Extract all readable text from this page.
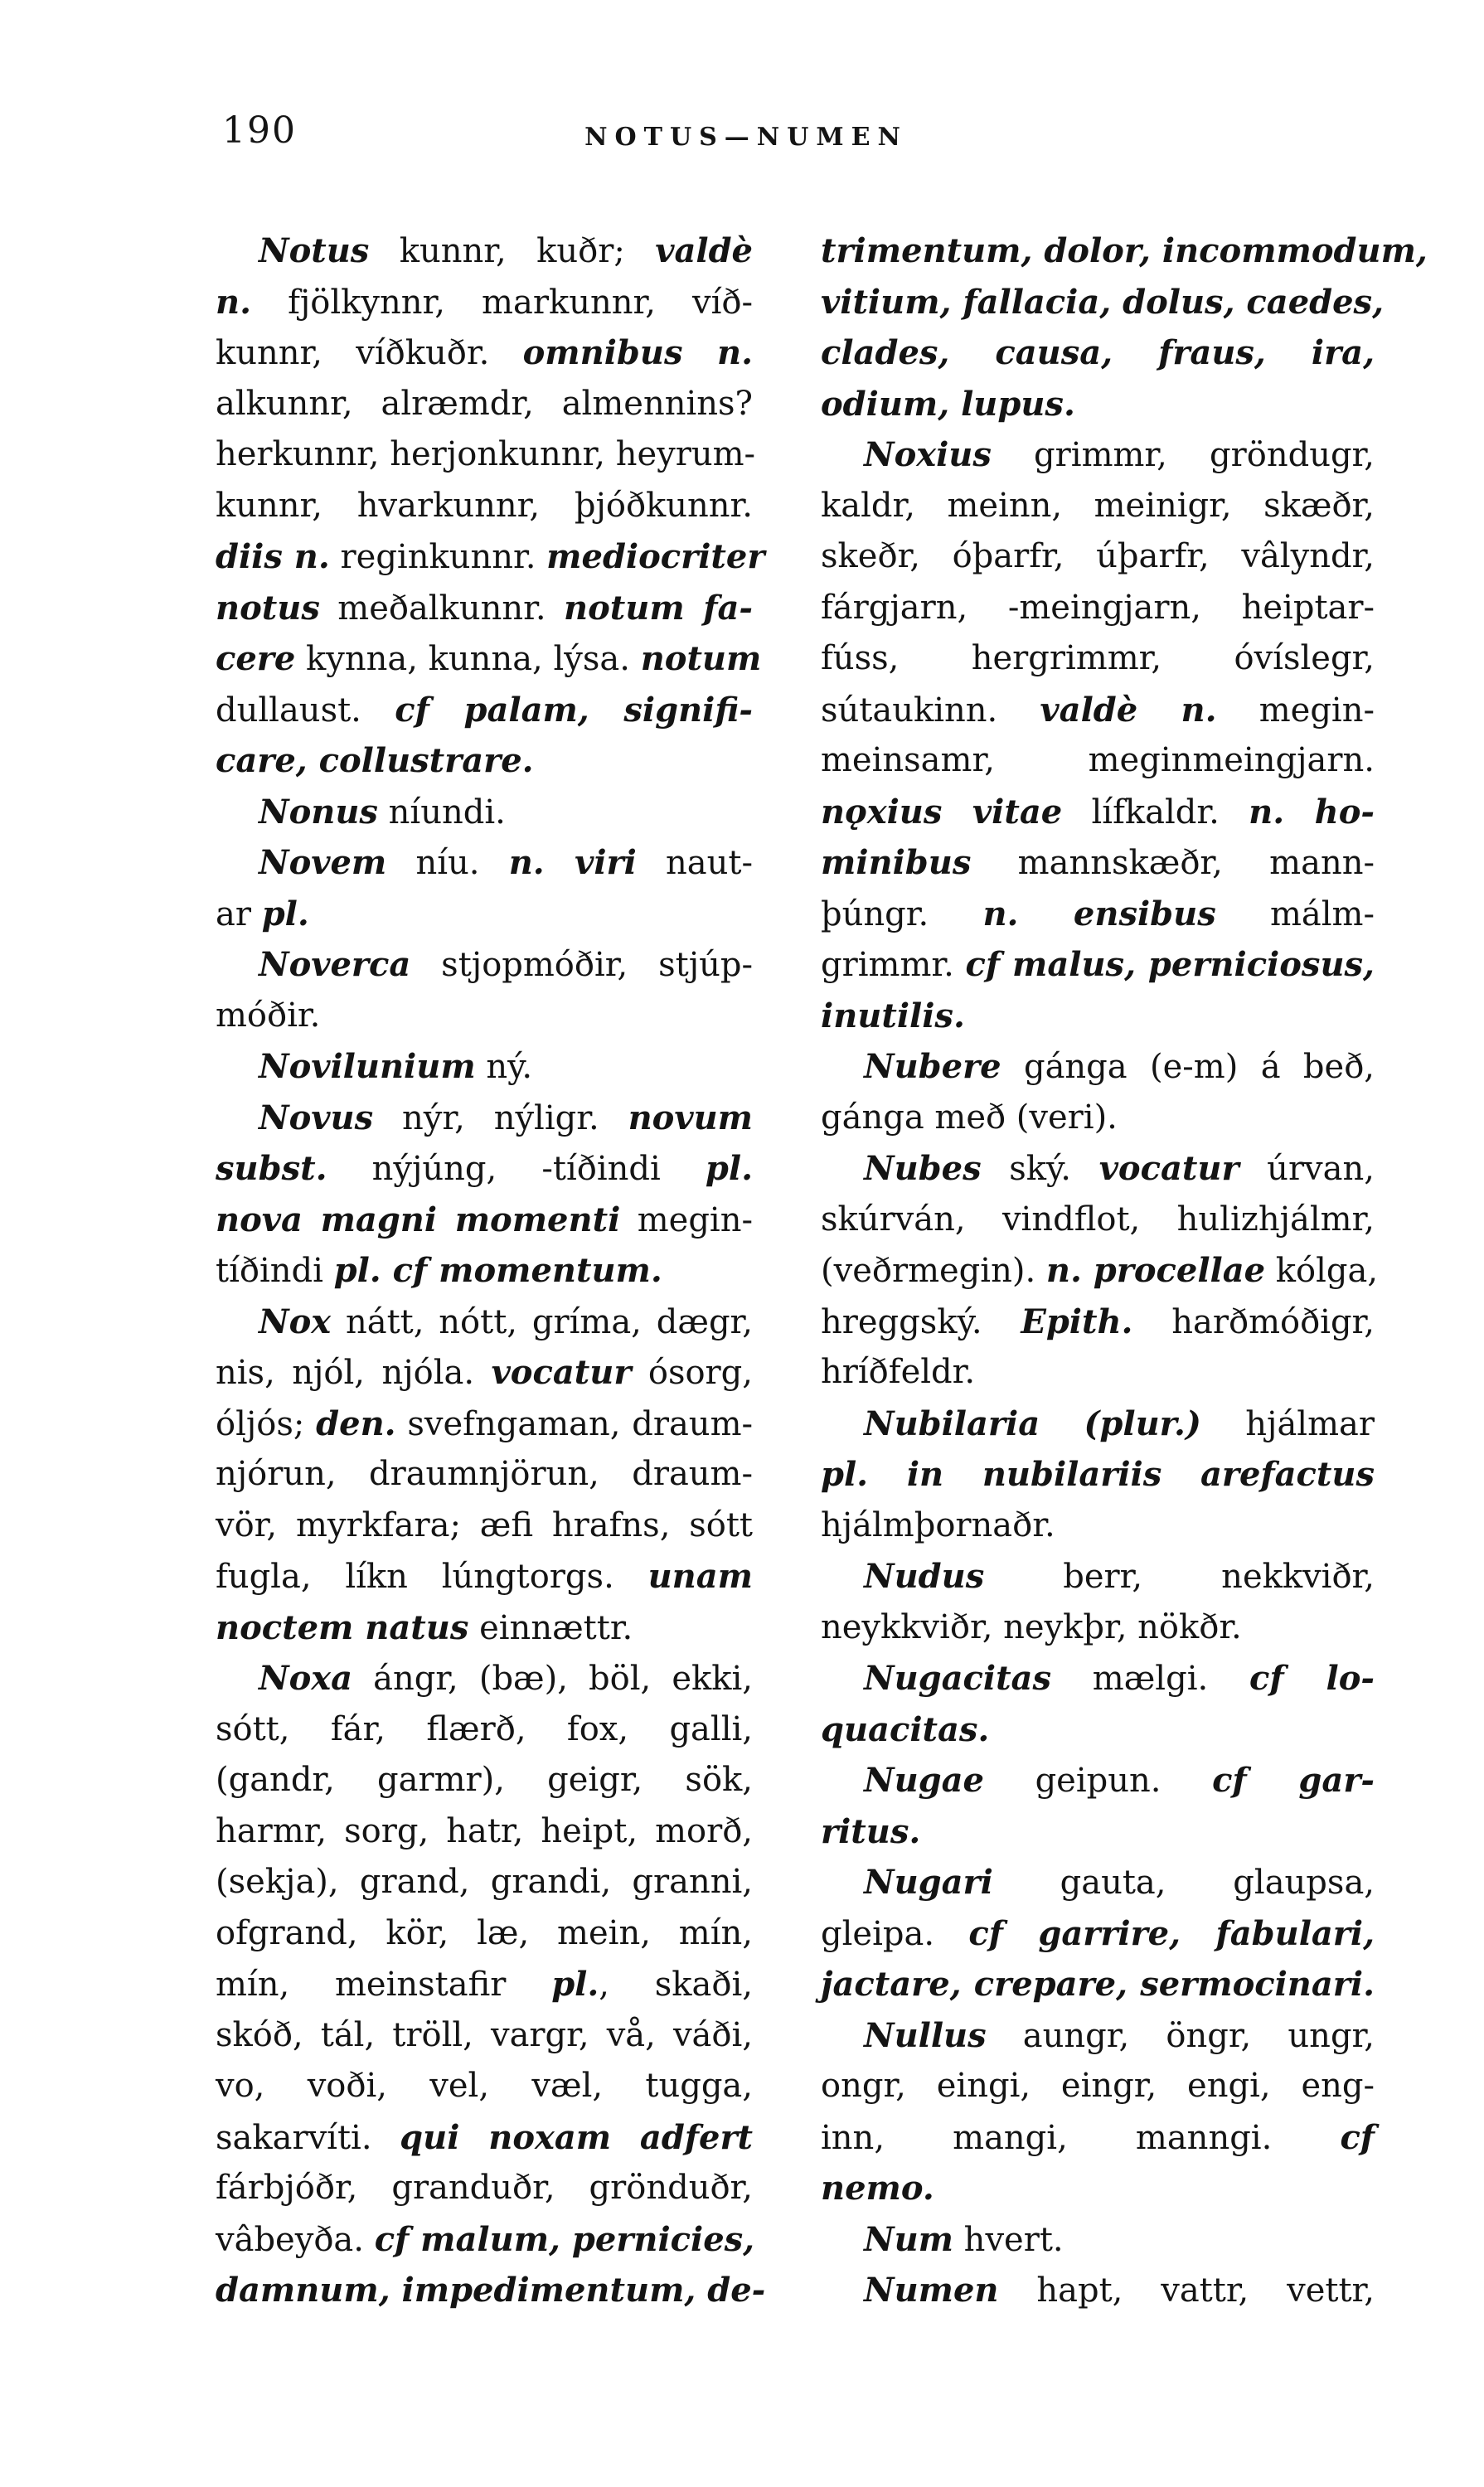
190	NOTUS—NUMEN
Notus kunnr, kuðr; valdè
n. fjölkynnr, markunnr, víð-
kunnr, víðkuðr. omnibus n.
alkunnr, alræmdr, almennins?
herkunnr, herjonkunnr, heyrum-
kunnr, hvarkunnr, þjóðkunnr.
diis n. reginkunnr. mediocriter
notus meðalkunnr. notum fa-
cere kynna, kunna, lýsa. notum
dullaust. cf palam, signifi-
care, collustrare.
Nonus níundi.
Novem níu. n. viri naut-
ar pl.
Noverca stjopmóðir, stjúp-
móðir.
Novilunium ný.
Novus nýr, nýligr. novum
subst. nýjúng, -tíðindi pl.
nova magni momenti megin-
tíðindi pl. cf momentum.
Nox nátt, nótt, gríma, dægr,
nis, njól, njóla. vocatur ósorg,
óljós; den. svefngaman, draum-
njórun, draumnjörun, draum-
vör, myrkfara; æfi hrafns, sótt
fugla, líkn lúngtorgs. unam
noctem natus einnættr.
Noxa ángr, (bæ), böl, ekki,
sótt, fár, flærð, fox, galli,
(gandr, garmr), geigr, sök,
harmr, sorg, hatr, heipt, morð,
(sekja), grand, grandi, granni,
ofgrand, kör, læ, mein, mín,
mín, meinstafir pl., skaði,
skóð, tál, tröll, vargr, vå, váði,
vo, voði, vel, væl, tugga,
sakarvíti. qui noxam adfert
fárbjóðr, granduðr, grönduðr,
vâbeyða. cf malum, pernicies,
damnum, impedimentum, de-
trimentum, dolor, incommodum,
vitium, fallacia, dolus, caedes,
clades, causa, fraus, ira,
odium, lupus.
Noxius grimmr, gröndugr,
kaldr, meinn, meinigr, skæðr,
skeðr, óþarfr, úþarfr, vâlyndr,
fárgjarn, -meingjarn, heiptar-
fúss, hergrimmr, óvíslegr,
sútaukinn. valdè n. megin-
meinsamr, meginmeingjarn.
nǫxius vitae lífkaldr. n. ho-
minibus mannskæðr, mann-
þúngr. n. ensibus málm-
grimmr. cf malus, perniciosus,
inutilis.
Nubere gánga (e-m) á beð,
gánga með (veri).
Nubes ský. vocatur úrvan,
skúrván, vindflot, hulizhjálmr,
(veðrmegin). n. procellae kólga,
hreggský. Epith. harðmóðigr,
hríðfeldr.
Nubilaria (plur.) hjálmar
pl. in nubilariis arefactus
hjálmþornaðr.
Nudus berr, nekkviðr,
neykkviðr, neykþr, nökðr.
Nugacitas mælgi. cf lo-
quacitas.
Nugae geipun. cf gar-
ritus.
Nugari gauta, glaupsa,
gleipa. cf garrire, fabulari,
jactare, crepare, sermocinari.
Nullus aungr, öngr, ungr,
ongr, eingi, eingr, engi, eng-
inn, mangi, manngi. cf
nemo.
Num hvert.
Numen hapt, vattr, vettr,
